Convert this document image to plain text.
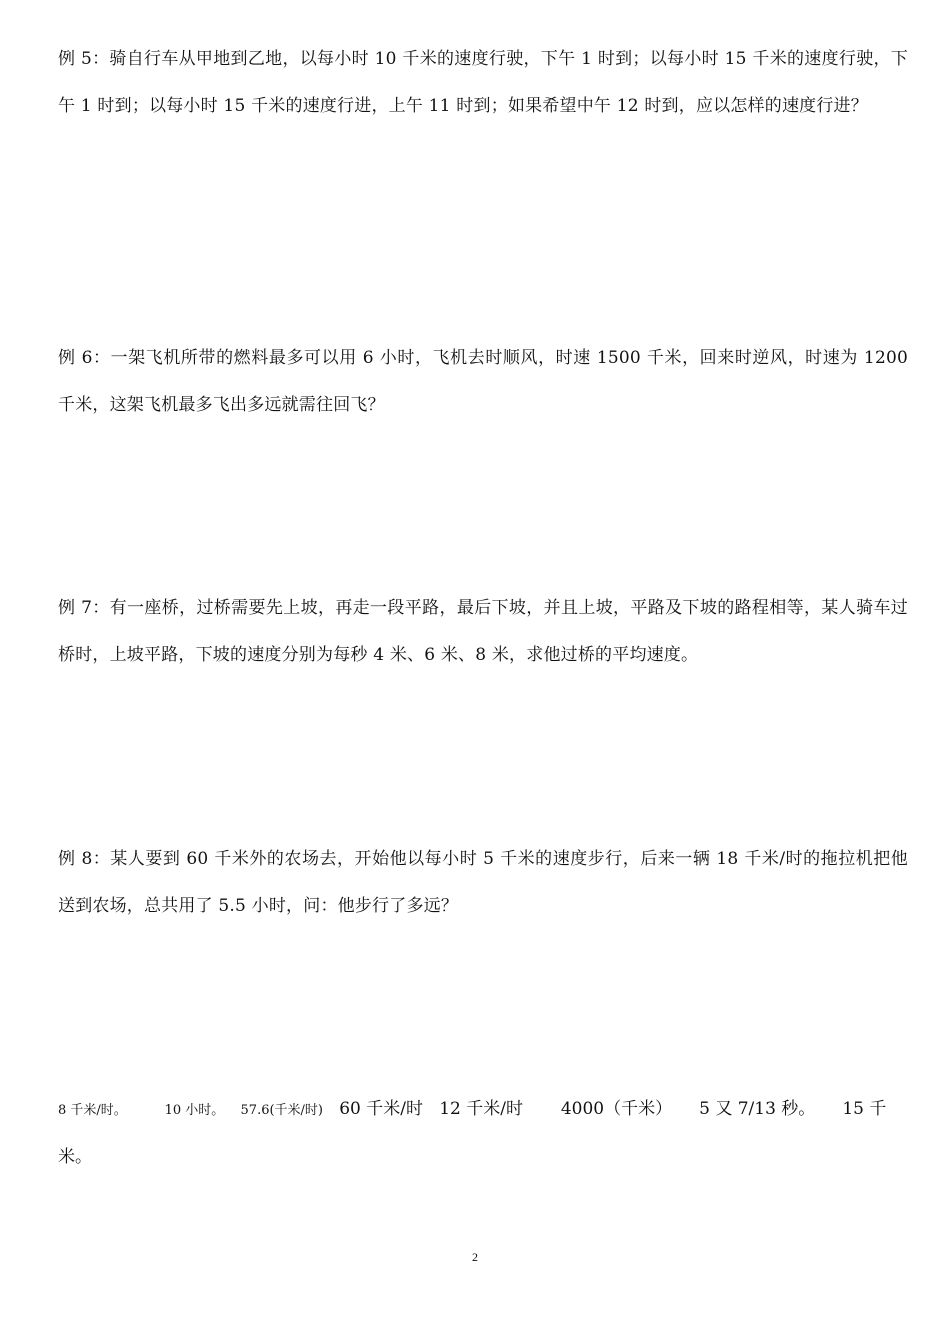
例 5：骑自行车从甲地到乙地，以每小时 10 千米的速度行驶，下午 1 时到；以每小时 15 千米的速度行驶，下午 1 时到；以每小时 15 千米的速度行进，上午 11 时到；如果希望中午 12 时到，应以怎样的速度行进？

例 6：一架飞机所带的燃料最多可以用 6 小时，飞机去时顺风，时速 1500 千米，回来时逆风，时速为 1200 千米，这架飞机最多飞出多远就需往回飞？

例 7：有一座桥，过桥需要先上坡，再走一段平路，最后下坡，并且上坡，平路及下坡的路程相等，某人骑车过桥时，上坡平路，下坡的速度分别为每秒 4 米、6 米、8 米，求他过桥的平均速度。

例 8：某人要到 60 千米外的农场去，开始他以每小时 5 千米的速度步行，后来一辆 18 千米/时的拖拉机把他送到农场，总共用了 5.5 小时，问：他步行了多远？

8 千米/时。	10 小时。 57.6(千米/时) 60 千米/时 12 千米/时 4000（千米） 5 又 7/13 秒。 15 千米。

2
